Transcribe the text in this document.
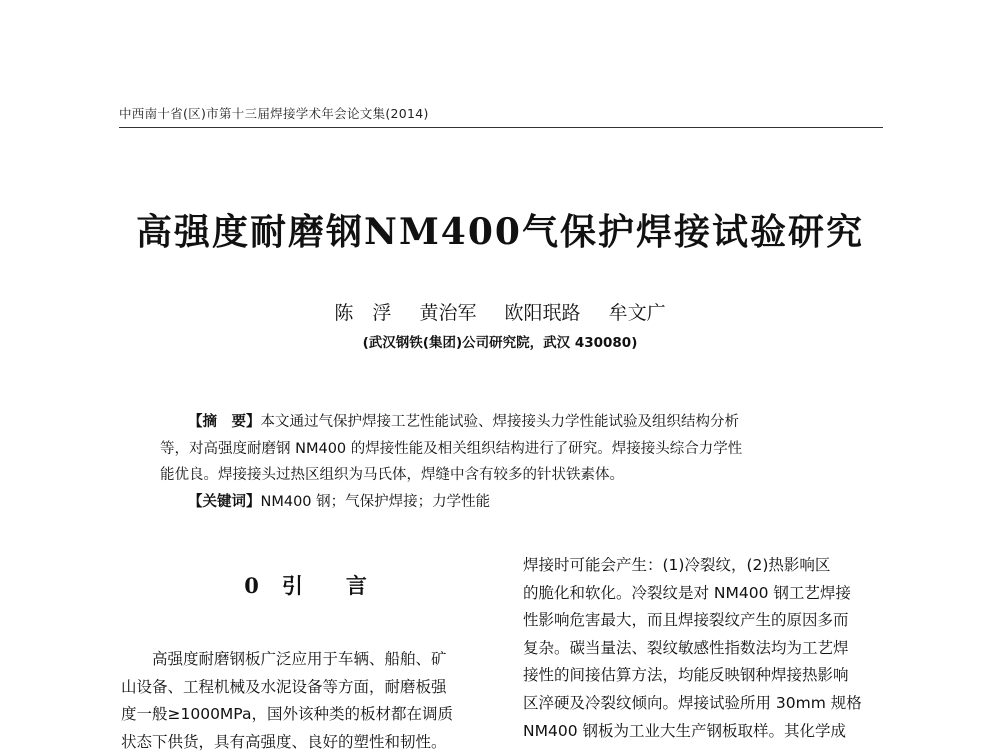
中西南十省(区)市第十三届焊接学术年会论文集(2014)
高强度耐磨钢NM400气保护焊接试验研究
陈　浮 黄治军 欧阳珉路 牟文广
(武汉钢铁(集团)公司研究院，武汉 430080)
【摘　要】本文通过气保护焊接工艺性能试验、焊接接头力学性能试验及组织结构分析
等，对高强度耐磨钢 NM400 的焊接性能及相关组织结构进行了研究。焊接接头综合力学性
能优良。焊接接头过热区组织为马氏体，焊缝中含有较多的针状铁素体。
【关键词】NM400 钢；气保护焊接；力学性能
0 引 言
高强度耐磨钢板广泛应用于车辆、船舶、矿
山设备、工程机械及水泥设备等方面，耐磨板强
度一般≥1000MPa，国外该种类的板材都在调质
状态下供货，具有高强度、良好的塑性和韧性。
焊接时可能会产生：(1)冷裂纹，(2)热影响区
的脆化和软化。冷裂纹是对 NM400 钢工艺焊接
性影响危害最大，而且焊接裂纹产生的原因多而
复杂。碳当量法、裂纹敏感性指数法均为工艺焊
接性的间接估算方法，均能反映钢种焊接热影响
区淬硬及冷裂纹倾向。焊接试验所用 30mm 规格
NM400 钢板为工业大生产钢板取样。其化学成
